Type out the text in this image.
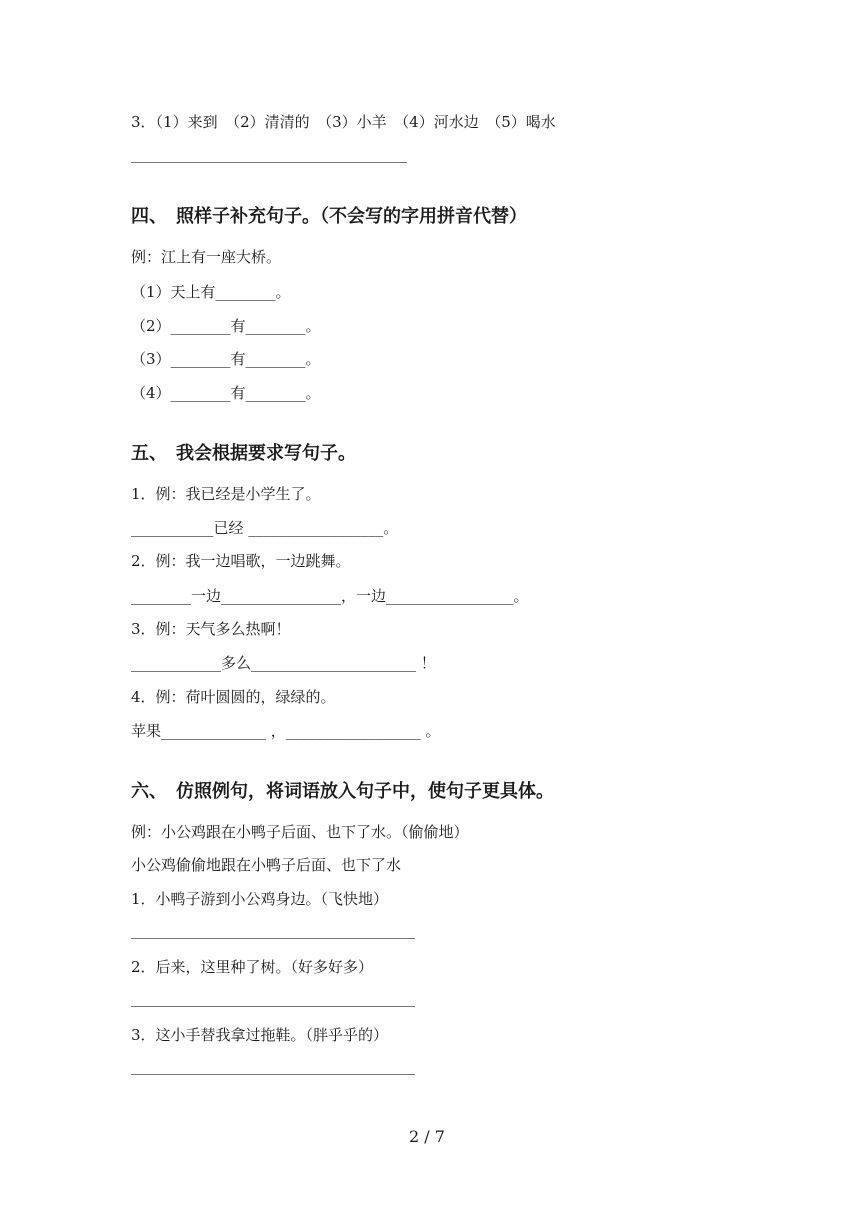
3．（1）来到　（2）清清的　（3）小羊　（4）河水边　（5）喝水
四、　照样子补充句子。（不会写的字用拼音代替）
例：江上有一座大桥。
（1）天上有________。
（2）________有________。
（3）________有________。
（4）________有________。
五、　我会根据要求写句子。
1．例：我已经是小学生了。
___________已经 __________________。
2．例：我一边唱歌，一边跳舞。
________一边________________，一边_________________。
3．例：天气多么热啊！
____________多么______________________ ！
4．例：荷叶圆圆的，绿绿的。
苹果______________ ，__________________ 。
六、　仿照例句，将词语放入句子中，使句子更具体。
例：小公鸡跟在小鸭子后面、也下了水。（偷偷地）
小公鸡偷偷地跟在小鸭子后面、也下了水
1．小鸭子游到小公鸡身边。（飞快地）
2．后来，这里种了树。（好多好多）
3．这小手替我拿过拖鞋。（胖乎乎的）
2 / 7
